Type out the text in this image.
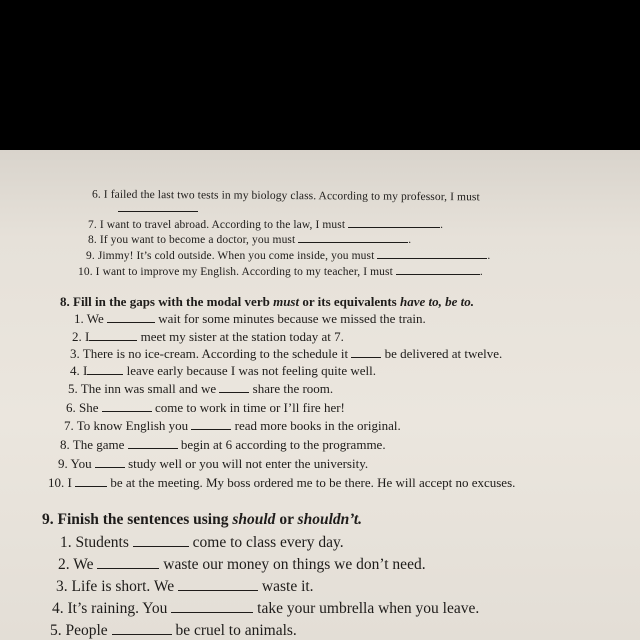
6. I failed the last two tests in my biology class. According to my professor, I must
7. I want to travel abroad. According to the law, I must	.
8. If you want to become a doctor, you must	.
9. Jimmy! It’s cold outside. When you come inside, you must	.
10. I want to improve my English. According to my teacher, I must	.
8. Fill in the gaps with the modal verb must or its equivalents have to, be to.
1. We	wait for some minutes because we missed the train.
2. I	meet my sister at the station today at 7.
3. There is no ice-cream. According to the schedule it	be delivered at twelve.
4. I	leave early because I was not feeling quite well.
5. The inn was small and we	share the room.
6. She	come to work in time or I’ll fire her!
7. To know English you	read more books in the original.
8. The game	begin at 6 according to the programme.
9. You	study well or you will not enter the university.
10. I	be at the meeting. My boss ordered me to be there. He will accept no excuses.
9. Finish the sentences using should or shouldn’t.
1. Students	come to class every day.
2. We	waste our money on things we don’t need.
3. Life is short. We	waste it.
4. It’s raining. You	take your umbrella when you leave.
5. People	be cruel to animals.
